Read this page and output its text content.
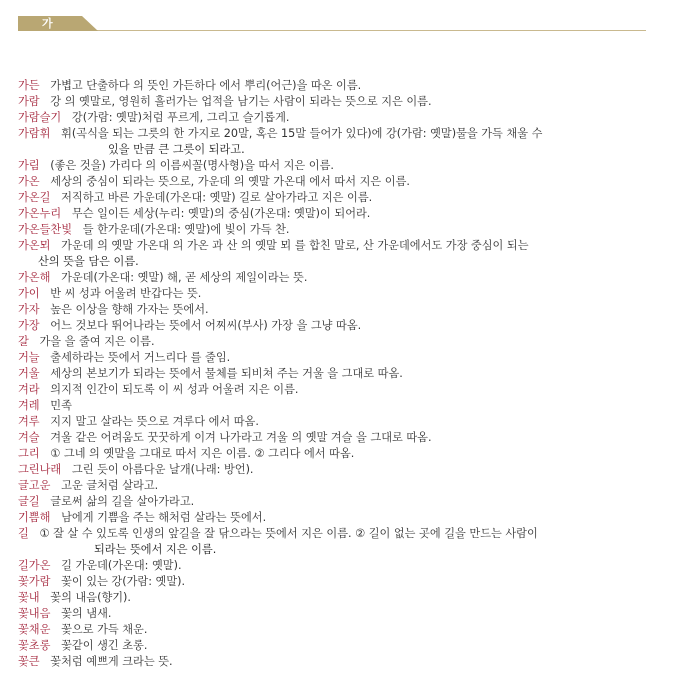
가
가든 가볍고 단출하다 의 뜻인 가든하다 에서 뿌리(어근)을 따온 이름.
가람 강 의 옛말로, 영원히 흘러가는 업적을 남기는 사람이 되라는 뜻으로 지은 이름.
가람슬기 강(가람: 옛말)처럼 푸르게, 그리고 슬기롭게.
가람휘 휘(곡식을 되는 그릇의 한 가지로 20말, 혹은 15말 들어가 있다)에 강(가람: 옛말)물을 가득 채울 수
있을 만큼 큰 그릇이 되라고.
가림 (좋은 것을) 가리다 의 이름씨꼴(명사형)을 따서 지은 이름.
가온 세상의 중심이 되라는 뜻으로, 가운데 의 옛말 가온대 에서 따서 지은 이름.
가온길 저직하고 바른 가운데(가온대: 옛말) 길로 살아가라고 지은 이름.
가온누리 무슨 일이든 세상(누리: 옛말)의 중심(가온대: 옛말)이 되어라.
가온들찬빛 들 한가운데(가온대: 옛말)에 빛이 가득 찬.
가온뫼 가운데 의 옛말 가온대 의 가온 과 산 의 옛말 뫼 를 합친 말로, 산 가운데에서도 가장 중심이 되는
산의 뜻을 담은 이름.
가온해 가운데(가온대: 옛말) 해, 곧 세상의 제일이라는 뜻.
가이 반 씨 성과 어울려 반갑다는 뜻.
가자 높은 이상을 향해 가자는 뜻에서.
가장 어느 것보다 뛰어나라는 뜻에서 어찌씨(부사) 가장 을 그냥 따옴.
갈 가을 을 줄여 지은 이름.
거늘 출세하라는 뜻에서 거느리다 를 줄임.
거울 세상의 본보기가 되라는 뜻에서 물체를 되비쳐 주는 거울 을 그대로 따옴.
겨라 의지적 인간이 되도록 이 씨 성과 어울려 지은 이름.
겨레 민족
겨루 지지 말고 살라는 뜻으로 겨루다 에서 따옴.
겨슬 겨울 같은 어려움도 꿋꿋하게 이겨 나가라고 겨울 의 옛말 겨슬 을 그대로 따옴.
그리 ① 그네 의 옛말을 그대로 따서 지은 이름. ② 그리다 에서 따옴.
그린나래 그린 듯이 아름다운 날개(나래: 방언).
글고운 고운 글처럼 살라고.
글길 글로써 삶의 길을 살아가라고.
기쁨해 남에게 기쁨을 주는 해처럼 살라는 뜻에서.
길 ① 잘 살 수 있도록 인생의 앞길을 잘 닦으라는 뜻에서 지은 이름. ② 길이 없는 곳에 길을 만드는 사람이
되라는 뜻에서 지은 이름.
길가온 길 가운데(가온대: 옛말).
꽃가람 꽃이 있는 강(가람: 옛말).
꽃내 꽃의 내음(향기).
꽃내음 꽃의 냄새.
꽃채운 꽃으로 가득 채운.
꽃초롱 꽃같이 생긴 초롱.
꽃큰 꽃처럼 예쁘게 크라는 뜻.
